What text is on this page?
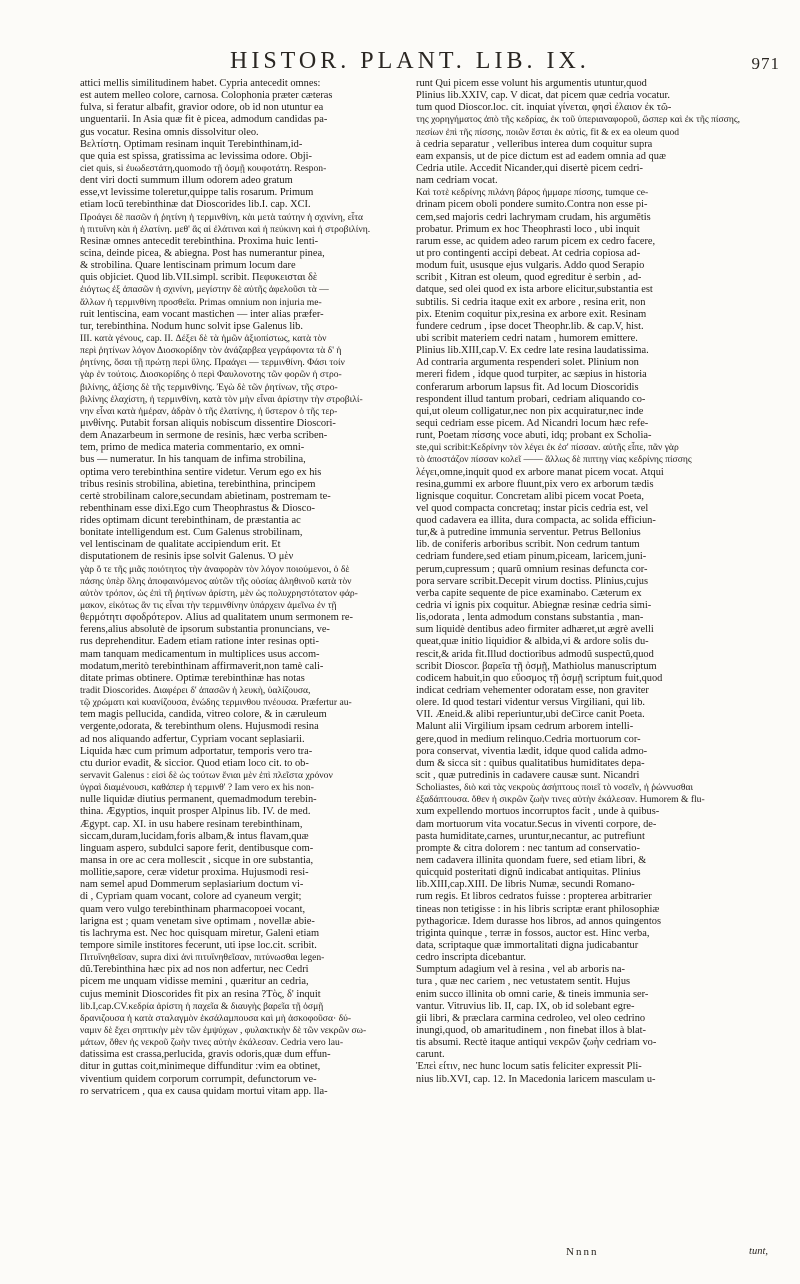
HISTOR. PLANT. LIB. IX.	971
attici mellis similitudinem habet. Cypria antecedit omnes:
est autem melleo colore, carnosa. Colophonia præter cæteras
fulva, si feratur albafit, gravior odore, ob id non utuntur ea
unguentarii. In Asia quæ fit è picea, admodum candidas pa-
gus vocatur. Resina omnis dissolvitur oleo.
Βελτίστη. Optimam resinam inquit Terebinthinam,id-
que quia est spissa, gratissima ac levissima odore. Obji-
ciet quis, si ἐυωδεστάτη,quomodo τῇ ὀσμῇ κουφοτάτη. Respon-
dent viri docti summum illum odorem adeo gratum
esse,vt levissime toleretur,quippe talis rosarum. Primum
etiam locũ terebinthinæ dat Dioscorides lib.I. cap. XCI.
Προάγει δὲ πασῶν ἡ ῥητίνη ἡ τερμινθίνη, κὰι μετὰ ταύτην ἡ σχινίνη, εἶτα
ἡ πιτυΐνη κὰι ἡ ἐλατίνη. μεθ' ἃς αἱ ἐλάτιναι καὶ ἡ πεύκινη καὶ ἡ στροβιλίνη.
Resinæ omnes antecedit terebinthina. Proxima huic lenti-
scina, deinde picea, & abiegna. Post has numerantur pinea,
& strobilina. Quare lentiscinam primum locum dare
quis objiciet. Quod lib.VII.simpl. scribit. Πεφυκεισται δὲ
ἐιόγτως ἐξ ἁπασῶν ἡ σχινίνη, μεγίστην δὲ αὐτῆς ἀφελοῦσι τὰ —
ἄλλων ἡ τερμινθίνη προσθεῖα. Primas omnium non injuria me-
ruit lentiscina, eam vocant mastichen — inter alias præfer-
tur, terebinthina. Nodum hunc solvit ipse Galenus lib.
III. κατὰ γένους, cap. II. Δέξει δὲ τὰ ἡμῶν ἀξιοπίστως, κατὰ τὸν
περὶ ῥητίνων λόγον Διοσκορίδην τὸν ἀνάζαρβεα γεγράφοντα τὰ δ' ἡ
ῥητίνης, ὅσαι τῇ πρώτῃ περὶ ὕλης. Πραάγει — τερμινθίνη. Φάσι τοίν
γὰρ ἐν τούτοις. Διοσκορίδης ὁ περὶ Φαυλονοτης τῶν φορῶν ἡ στρο-
βιλίνης, ἀξίσης δὲ τῆς τερμινθίνης. Ἐγὼ δὲ τῶν ῥητίνων, τῆς στρο-
βιλίνης ἐλαχίστη, ἡ τερμινθίνη, κατὰ τὸν μὴν εἶναι ἀρίστην τὴν στροβιλί-
νην εἶναι κατὰ ἡμέραν, ἀδρὰν ὁ τῆς ἐλατίνης, ἡ ὕστερον ὁ τῆς τερ-
μινθίνης. Putabit forsan aliquis nobiscum dissentire Dioscori-
dem Anazarbeum in sermone de resinis, hæc verba scriben-
tem, primo de medica materia commentario, ex omni-
bus — numeratur. In his tanquam de infima strobilina,
optima vero terebinthina sentire videtur. Verum ego ex his
tribus resinis strobilina, abietina, terebinthina, principem
certè strobilinam calore,secundam abietinam, postremam te-
rebenthinam esse dixi.Ego cum Theophrastus & Diosco-
rides optimam dicunt terebinthinam, de præstantia ac
bonitate intelligendum est. Cum Galenus strobilinam,
vel lentiscinam de qualitate accipiendum erit. Et
disputationem de resinis ipse solvit Galenus. Ὁ μὲν
γὰρ ὅ τε τῆς μιᾶς ποιότητος τὴν ἀναφορὰν τὸν λόγον ποιούμενοι, ὁ δὲ
πάσης ὑπὲρ ὅλης ἀποφαινόμενος αὐτῶν τῆς οὐσίας ἀληθινοῦ κατὰ τὸν
αὐτὸν τρόπον, ὡς ἐπὶ τῆ ῥητίνων ἀρίστη, μὲν ὡς πολυχρηστότατον φάρ-
μακον, εἰκότως ἂν τις εἶναι τὴν τερμινθίνην ὑπάρχειν ἀμεῖνω ἐν τῇ
θερμότητι σφοδρότερον. Alius ad qualitatem unum sermonem re-
ferens,alius absolutè de ipsorum substantia pronuncians, ve-
rus deprehenditur. Eadem etiam ratione inter resinas opti-
mam tanquam medicamentum in multiplices usus accom-
modatum,meritò terebinthinam affirmaverit,non tamè cali-
ditate primas obtinere. Optimæ terebinthinæ has notas
tradit Dioscorides. Διαφέρει δ' ἀπασῶν ἡ λευκὴ, ὑαλίζουσα,
τῷ χρώματι καὶ κυανίζουσα, ἐνώδης τερμινθου πνέουσα. Præfertur au-
tem magis pellucida, candida, vitreo colore, & in cæruleum
vergente,odorata, & terebinthum olens. Hujusmodi resina
ad nos aliquando adfertur, Cypriam vocant seplasiarii.
Liquida hæc cum primum adportatur, temporis vero tra-
ctu durior evadit, & siccior. Quod etiam loco cit. to ob-
servavit Galenus : εἰσὶ δὲ ὡς τούτων ἔνιαι μὲν ἐπὶ πλεῖστα χρόνον
ὑγραὶ διαμένουσι, καθάπερ ἡ τερμινθ' ? Iam vero ex his non-
nulle liquidæ diutius permanent, quemadmodum terebin-
thina. Ægyptios, inquit prosper Alpinus lib. IV. de med.
Ægypt. cap. XI. in usu habere resinam terebinthinam,
siccam,duram,lucidam,foris albam,& intus flavam,quæ
linguam aspero, subdulci sapore ferit, dentibusque com-
mansa in ore ac cera mollescit , sicque in ore substantia,
mollitie,sapore, ceræ videtur proxima. Hujusmodi resi-
nam semel apud Dommerum seplasiarium doctum vi-
di , Cypriam quam vocant, colore ad cyaneum vergit;
quam vero vulgo terebinthinam pharmacopoei vocant,
larigna est ; quam venetam sive optimam , novellæ abie-
tis lachryma est. Nec hoc quisquam miretur, Galeni etiam
tempore simile institores fecerunt, uti ipse loc.cit. scribit.
Πιτυΐνηθεῖσαν, supra dixi ἀνὶ πιτυΐνηθεῖσαν, πιτύνωσθαι legen-
dũ.Terebinthina hæc pix ad nos non adfertur, nec Cedri
picem me unquam vidisse memini , quæritur an cedria,
cujus meminit Dioscorides fit pix an resina ?Τὸς, δ' inquit
lib.I,cap.CV.κεδρία ἀρίστη ἡ παχεῖα & διαυγὴς βαρεῖα τῇ ὀσμῇ
δρανιζουσα ἡ κατὰ σταλαγμὸν ἐκσάλαμπουσα καὶ μὴ ἀσκοφοῦσα· δύ-
ναμιν δὲ ἔχει σηπτικὴν μὲν τῶν ἐμψύχων , φυλακτικὴν δὲ τῶν νεκρῶν σω-
μάτων, ὅθεν ἡς νεκροῦ ζωὴν τινες αὐτὴν ἐκάλεσαν. Cedria vero lau-
datissima est crassa,perlucida, gravis odoris,quæ dum effun-
ditur in guttas coit,minimeque diffunditur :vim ea obtinet,
viventium quidem corporum corrumpit, defunctorum ve-
ro servatricem , qua ex causa quidam mortui vitam app. lla-
runt Qui picem esse volunt his argumentis utuntur,quod
Plinius lib.XXIV, cap. V dicat, dat picem quæ cedria vocatur.
tum quod Dioscor.loc. cit. inquiat γίνεται, φησὶ ἐλαιον ἐκ τῶ-
της χορηγήματος ἀπὸ τῆς κεδρίας, ἐκ τοῦ ὑπεριαναφοροῦ, ὥσπερ καὶ ἐκ τῆς πίσσης,
πεσίων ἐπὶ τῆς πίσσης, ποιῶν ἔσται ἐκ αὐτὶς, fit & ex ea oleum quod
à cedria separatur , velleribus interea dum coquitur supra
eam expansis, ut de pice dictum est ad eadem omnia ad quæ
Cedria utile. Accedit Nicander,qui disertè picem cedri-
nam cedriam vocat.
Καὶ τοτὲ κεδρίνης πιλάνη βάρος ἡμμαρε πίσσης, tumque ce-
drinam picem oboli pondere sumito.Contra non esse pi-
cem,sed majoris cedri lachrymam crudam, his argumētis
probatur. Primum ex hoc Theophrasti loco , ubi inquit
rarum esse, ac quidem adeo rarum picem ex cedro facere,
ut pro contingenti accipi debeat. At cedria copiosa ad-
modum fuit, ususque ejus vulgaris. Addo quod Serapio
scribit , Kitran est oleum, quod egreditur è serbin , ad-
datque, sed olei quod ex ista arbore elicitur,substantia est
subtilis. Si cedria itaque exit ex arbore , resina erit, non
pix. Etenim coquitur pix,resina ex arbore exit. Resinam
fundere cedrum , ipse docet Theophr.lib. & cap.V, hist.
ubi scribit materiem cedri natam , humorem emittere.
Plinius lib.XIII,cap.V. Ex cedre late resina laudatissima.
Ad contraria argumenta respenderi solet. Plinium non
mereri fidem , idque quod turpiter, ac sæpius in historia
conferarum arborum lapsus fit. Ad locum Dioscoridis
respondent illud tantum probari, cedriam aliquando co-
qui,ut oleum colligatur,nec non pix acquiratur,nec inde
sequi cedriam esse picem. Ad Nicandri locum hæc refe-
runt, Poetam πίσσης voce abuti, idq; probant ex Scholia-
ste,qui scribit:Κεδρίνην τὸν λέγει ἐκ ἐσ' πίσσαν. αὐτῆς εἶπε, πᾶν γὰρ
τὸ ἀποστάζον πίσσαν κολεῖ —— ἄλλως δὲ πιπτηγ νίας κεδρίνης πίσσης
λέγει,omne,inquit quod ex arbore manat picem vocat. Atqui
resina,gummi ex arbore fluunt,pix vero ex arborum tædis
lignisque coquitur. Concretam alibi picem vocat Poeta,
vel quod compacta concretaq; instar picis cedria est, vel
quod cadavera ea illita, dura compacta, ac solida efficiun-
tur,& à putredine immunia serventur. Petrus Bellonius
lib. de coniferis arboribus scribit. Non cedrum tantum
cedriam fundere,sed etiam pinum,piceam, laricem,juni-
perum,cupressum ; quarũ omnium resinas defuncta cor-
pora servare scribit.Decepit virum doctiss. Plinius,cujus
verba capite sequente de pice examinabo. Cæterum ex
cedria vi ignis pix coquitur. Abiegnæ resinæ cedria simi-
lis,odorata , lenta admodum constans substantia , man-
sum liquidè dentibus adeo firmiter adhæret,ut ægrè avelli
queat,quæ initio liquidior & albida,vi & ardore solis du-
rescit,& arida fit.Illud doctioribus admodũ suspectũ,quod
scribit Dioscor. βαρεῖα τῇ ὀσμῇ, Mathiolus manuscriptum
codicem habuit,in quo εὔοσμος τῇ ὀσμῇ scriptum fuit,quod
indicat cedriam vehementer odoratam esse, non graviter
olere. Id quod testari videntur versus Virgiliani, qui lib.
VII. Æneid.& alibi reperiuntur,ubi deCirce canit Poeta.
Malunt alii Virgilium ipsam cedrum arborem intelli-
gere,quod in medium relinquo.Cedria mortuorum cor-
pora conservat, viventia lædit, idque quod calida admo-
dum & sicca sit : quibus qualitatibus humiditates depa-
scit , quæ putredinis in cadavere causæ sunt. Nicandri
Scholiastes, διὸ καὶ τὰς νεκροὺς ἀσήπτους ποιεῖ τὸ νοσεῖν, ἡ ῥώννυσθαι
ἐξαδάπτουσα. ὅθεν ἡ σικρῶν ζωὴν τινες αὐτὴν ἐκάλεσαν. Humorem & flu-
xum expellendo mortuos incorruptos facit , unde à quibus-
dam mortuorum vita vocatur.Secus in viventi corpore, de-
pasta humiditate,carnes, uruntur,necantur, ac putrefiunt
prompte & citra dolorem : nec tantum ad conservatio-
nem cadavera illinita quondam fuere, sed etiam libri, &
quicquid posteritati dignũ indicabat antiquitas. Plinius
lib.XIII,cap.XIII. De libris Numæ, secundi Romano-
rum regis. Et libros cedratos fuisse : propterea arbitrarier
tineas non tetigisse : in his libris scriptæ erant philosophiæ
pythagoricæ. Idem durasse hos libros, ad annos quingentos
triginta quinque , terræ in fossos, auctor est. Hinc verba,
data, scriptaque quæ immortalitati digna judicabantur
cedro inscripta dicebantur.
Sumptum adagium vel à resina , vel ab arboris na-
tura , quæ nec cariem , nec vetustatem sentit. Hujus
enim succo illinita ob omni carie, & tineis immunia ser-
vantur. Vitruvius lib. II, cap. IX, ob id solebant egre-
gii libri, & præclara carmina cedroleo, vel oleo cedrino
inungi,quod, ob amaritudinem , non finebat illos à blat-
tis absumi. Rectè itaque antiqui νεκρῶν ζωὴν cedriam vo-
carunt.
Ἐπεὶ εἶτιν, nec hunc locum satis feliciter expressit Pli-
nius lib.XVI, cap. 12. In Macedonia laricem masculam u-
Nnnn	tunt,
